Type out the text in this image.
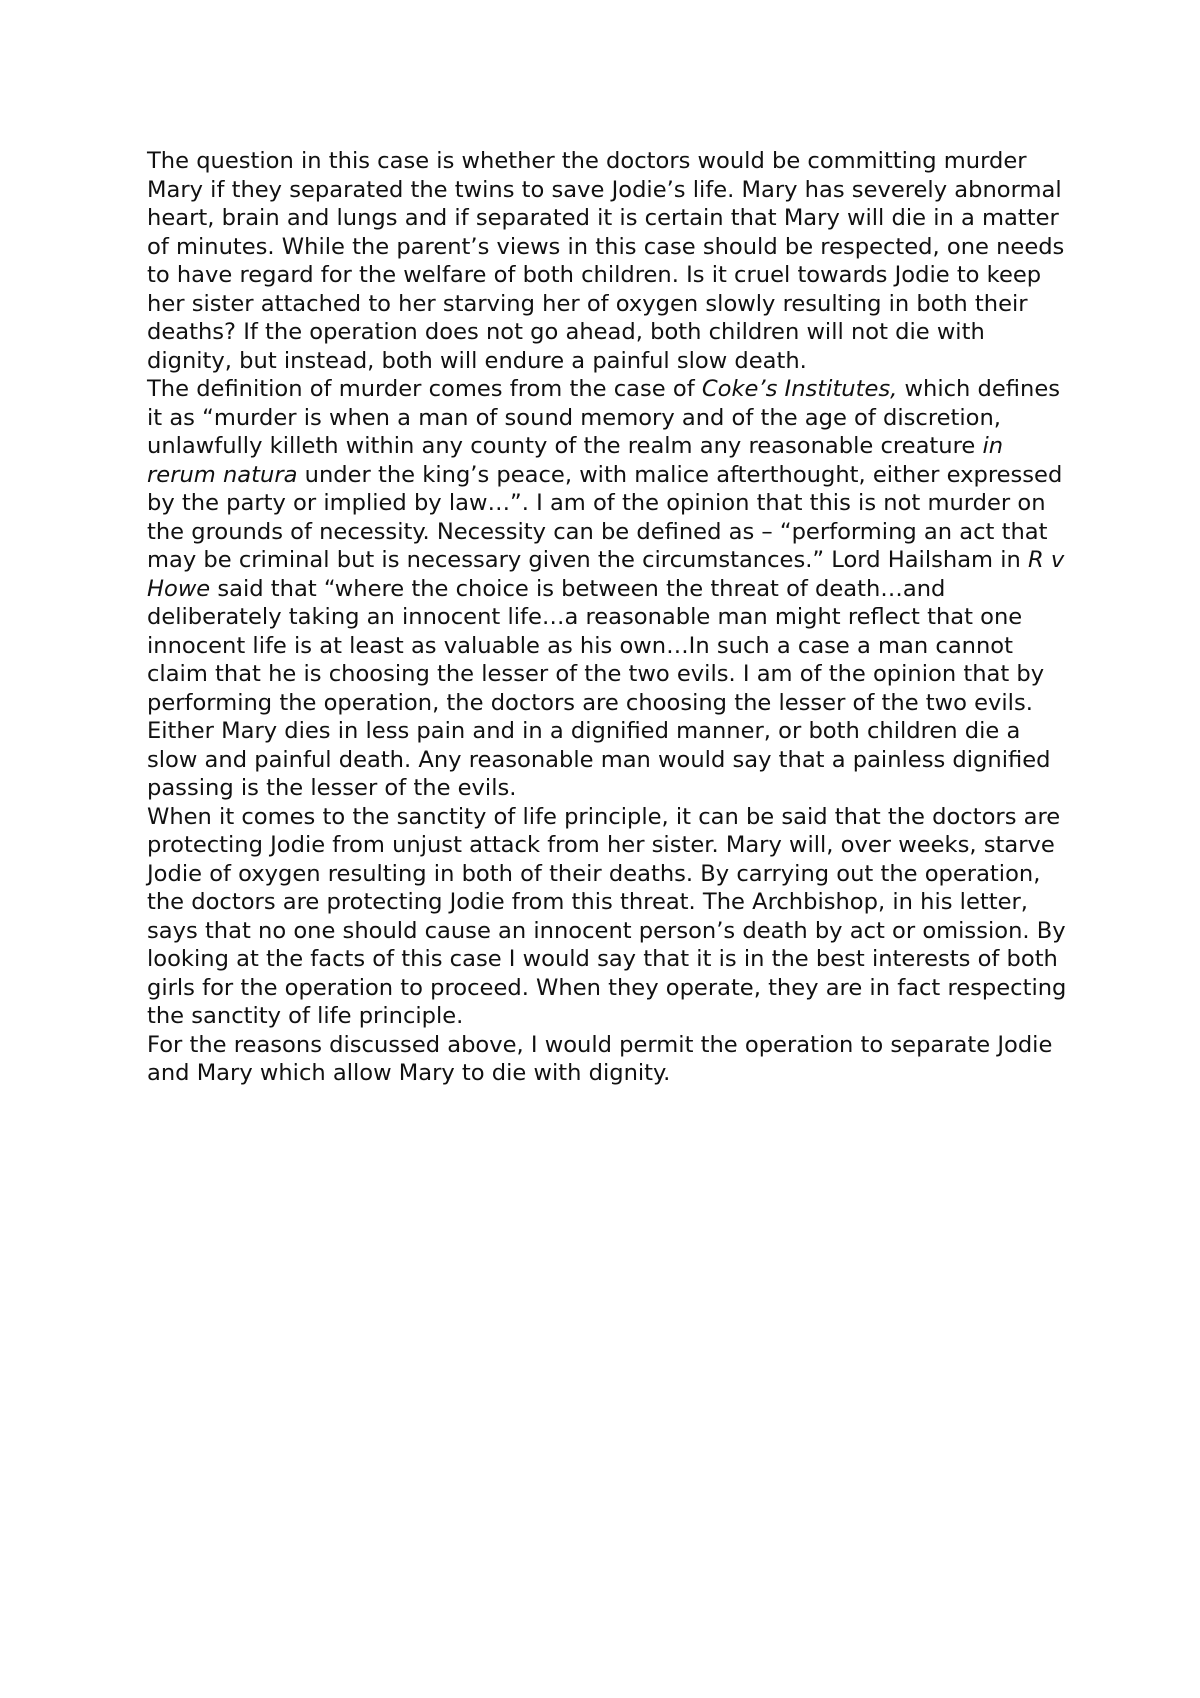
The question in this case is whether the doctors would be committing murder Mary if they separated the twins to save Jodie’s life. Mary has severely abnormal heart, brain and lungs and if separated it is certain that Mary will die in a matter of minutes. While the parent’s views in this case should be respected, one needs to have regard for the welfare of both children. Is it cruel towards Jodie to keep her sister attached to her starving her of oxygen slowly resulting in both their deaths? If the operation does not go ahead, both children will not die with dignity, but instead, both will endure a painful slow death.

The definition of murder comes from the case of Coke’s Institutes, which defines it as “murder is when a man of sound memory and of the age of discretion, unlawfully killeth within any county of the realm any reasonable creature in rerum natura under the king’s peace, with malice afterthought, either expressed by the party or implied by law…”. I am of the opinion that this is not murder on the grounds of necessity. Necessity can be defined as – “performing an act that may be criminal but is necessary given the circumstances.” Lord Hailsham in R v Howe said that “where the choice is between the threat of death…and deliberately taking an innocent life…a reasonable man might reflect that one innocent life is at least as valuable as his own…In such a case a man cannot claim that he is choosing the lesser of the two evils. I am of the opinion that by performing the operation, the doctors are choosing the lesser of the two evils. Either Mary dies in less pain and in a dignified manner, or both children die a slow and painful death. Any reasonable man would say that a painless dignified passing is the lesser of the evils.

When it comes to the sanctity of life principle, it can be said that the doctors are protecting Jodie from unjust attack from her sister. Mary will, over weeks, starve Jodie of oxygen resulting in both of their deaths. By carrying out the operation, the doctors are protecting Jodie from this threat. The Archbishop, in his letter, says that no one should cause an innocent person’s death by act or omission. By looking at the facts of this case I would say that it is in the best interests of both girls for the operation to proceed. When they operate, they are in fact respecting the sanctity of life principle.

For the reasons discussed above, I would permit the operation to separate Jodie and Mary which allow Mary to die with dignity.
